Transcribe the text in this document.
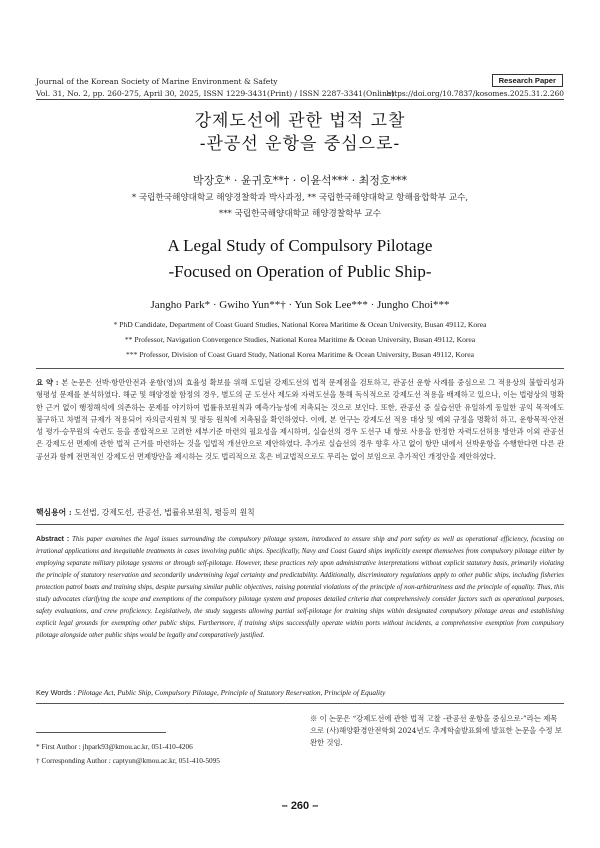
Journal of the Korean Society of Marine Environment & Safety
Vol. 31, No. 2, pp. 260-275, April 30, 2025, ISSN 1229-3431(Print) / ISSN 2287-3341(Online)
Research Paper
https://doi.org/10.7837/kosomes.2025.31.2.260
강제도선에 관한 법적 고찰
-관공선 운항을 중심으로-
박장호* · 윤귀호**† · 이윤석*** · 최정호***
* 국립한국해양대학교 해양경찰학과 박사과정, ** 국립한국해양대학교 항해융합학부 교수,
*** 국립한국해양대학교 해양경찰학부 교수
A Legal Study of Compulsory Pilotage
-Focused on Operation of Public Ship-
Jangho Park* · Gwiho Yun**† · Yun Sok Lee*** · Jungho Choi***
* PhD Candidate, Department of Coast Guard Studies, National Korea Maritime & Ocean University, Busan 49112, Korea
** Professor, Navigation Convergence Studies, National Korea Maritime & Ocean University, Busan 49112, Korea
*** Professor, Division of Coast Guard Study, National Korea Maritime & Ocean University, Busan 49112, Korea
요 약 : 본 논문은 선박·항만안전과 운항(영)의 효율성 확보를 위해 도입된 강제도선의 법적 문제점을 검토하고, 관공선 운항 사례를 중심으로 그 적용상의 불합리성과 형평성 문제를 분석하였다. 해군 및 해양경찰 함정의 경우, 별도의 군 도선사 제도와 자력도선을 통해 독식적으로 강제도선 적용을 배제하고 있으나, 이는 법령상의 명확한 근거 없이 행정해석에 의존하는 문제를 야기하여 법률유보원칙과 예측가능성에 저촉되는 것으로 보인다. 또한, 관공선 중 실습선만 유일하게 동일한 공익 목적에도 불구하고 차별적 규제가 적용되어 자의금지원칙 및 평등 원칙에 저촉됨을 확인하였다. 이에, 본 연구는 강제도선 적용 대상 및 예외 규정을 명확히 하고, 운항목적·안전성 평가·승무원의 숙련도 등을 종합적으로 고려한 세부기준 마련의 필요성을 제시하며, 실습선의 경우 도선구 내 항로 사용을 한정한 자력도선허용 방안과 이외 관공선은 강제도선 면제에 관한 법적 근거를 마련하는 것을 입법적 개선안으로 제안하였다. 추가로 실습선의 경우 향후 사고 없이 항만 내에서 선박운항을 수행한다면 다른 관공선과 함께 전면적인 강제도선 면제방안을 제시하는 것도 법리적으로 혹은 비교법적으로도 무리는 없이 보임으로 추가적인 개정안을 제안하였다.
핵심용어 : 도선법, 강제도선, 관공선, 법률유보원칙, 평등의 원칙
Abstract : This paper examines the legal issues surrounding the compulsory pilotage system, introduced to ensure ship and port safety as well as operational efficiency, focusing on irrational applications and inequitable treatments in cases involving public ships. Specifically, Navy and Coast Guard ships implicitly exempt themselves from compulsory pilotage either by employing separate military pilotage systems or through self-pilotage. However, these practices rely upon administrative interpretations without explicit statutory basis, primarily violating the principle of statutory reservation and secondarily undermining legal certainty and predictability. Additionally, discriminatory regulations apply to other public ships, including fisheries protection patrol boats and training ships, despite pursuing similar public objectives, raising potential violations of the principle of non-arbitrariness and the principle of equality. Thus, this study advocates clarifying the scope and exemptions of the compulsory pilotage system and proposes detailed criteria that comprehensively consider factors such as operational purposes, safety evaluations, and crew proficiency. Legislatively, the study suggests allowing partial self-pilotage for training ships within designated compulsory pilotage areas and establishing explicit legal grounds for exempting other public ships. Furthermore, if training ships successfully operate within ports without incidents, a comprehensive exemption from compulsory pilotage alongside other public ships would be legally and comparatively justified.
Key Words : Pilotage Act, Public Ship, Compulsory Pilotage, Principle of Statutory Reservation, Principle of Equality
* First Author : jhpark93@kmou.ac.kr, 051-410-4206
† Corresponding Author : captyun@kmou.ac.kr, 051-410-5095
※ 이 논문은 “강제도선에 관한 법적 고찰 -관공선 운항을 중심으로-”라는 제목으로 (사)해양환경안전학회 2024년도 추계학술발표회에 발표한 논문을 수정 보완한 것임.
– 260 –
